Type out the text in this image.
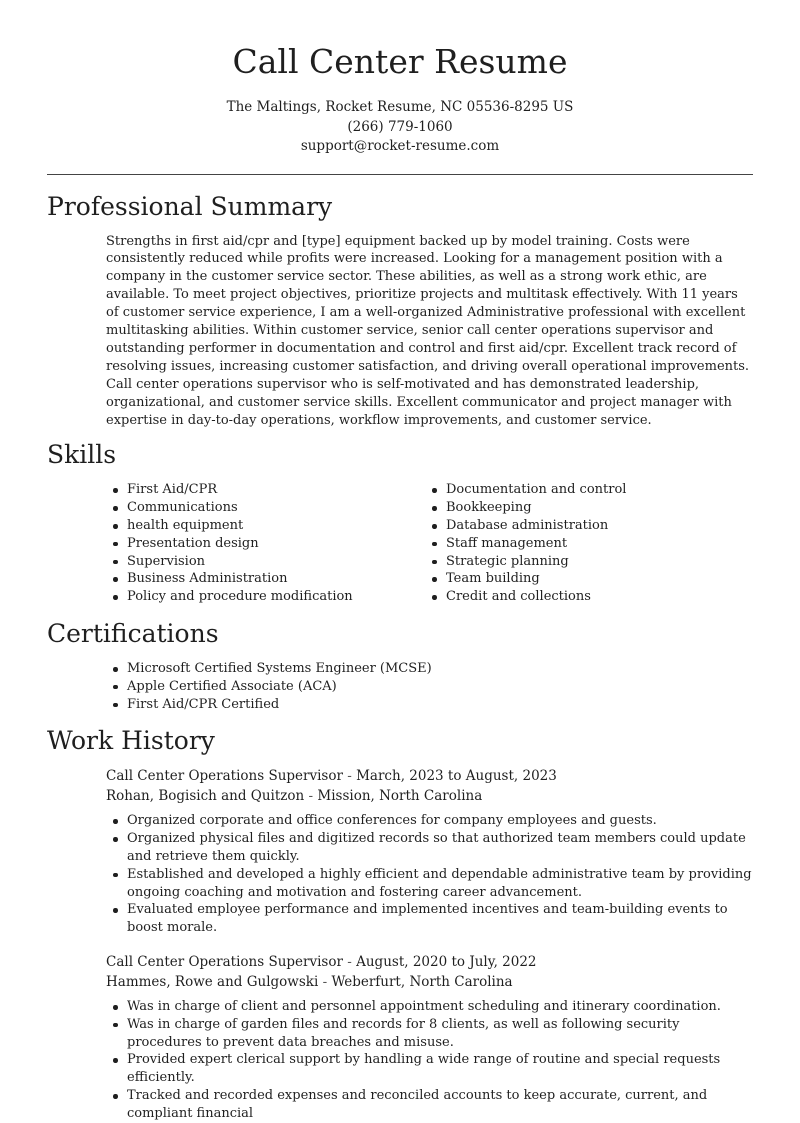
Call Center Resume
The Maltings, Rocket Resume, NC 05536-8295 US
(266) 779-1060
support@rocket-resume.com
Professional Summary

Strengths in first aid/cpr and [type] equipment backed up by model training. Costs were consistently reduced while profits were increased. Looking for a management position with a company in the customer service sector. These abilities, as well as a strong work ethic, are available. To meet project objectives, prioritize projects and multitask effectively. With 11 years of customer service experience, I am a well-organized Administrative professional with excellent multitasking abilities. Within customer service, senior call center operations supervisor and outstanding performer in documentation and control and first aid/cpr. Excellent track record of resolving issues, increasing customer satisfaction, and driving overall operational improvements. Call center operations supervisor who is self-motivated and has demonstrated leadership, organizational, and customer service skills. Excellent communicator and project manager with expertise in day-to-day operations, workflow improvements, and customer service.

Skills
First Aid/CPR
Communications
health equipment
Presentation design
Supervision
Business Administration
Policy and procedure modification
Documentation and control
Bookkeeping
Database administration
Staff management
Strategic planning
Team building
Credit and collections
Certifications
Microsoft Certified Systems Engineer (MCSE)
Apple Certified Associate (ACA)
First Aid/CPR Certified
Work History
Call Center Operations Supervisor - March, 2023 to August, 2023
Rohan, Bogisich and Quitzon - Mission, North Carolina
Organized corporate and office conferences for company employees and guests.
Organized physical files and digitized records so that authorized team members could update and retrieve them quickly.
Established and developed a highly efficient and dependable administrative team by providing ongoing coaching and motivation and fostering career advancement.
Evaluated employee performance and implemented incentives and team-building events to boost morale.
Call Center Operations Supervisor - August, 2020 to July, 2022
Hammes, Rowe and Gulgowski - Weberfurt, North Carolina
Was in charge of client and personnel appointment scheduling and itinerary coordination.
Was in charge of garden files and records for 8 clients, as well as following security procedures to prevent data breaches and misuse.
Provided expert clerical support by handling a wide range of routine and special requests efficiently.
Tracked and recorded expenses and reconciled accounts to keep accurate, current, and compliant financial
